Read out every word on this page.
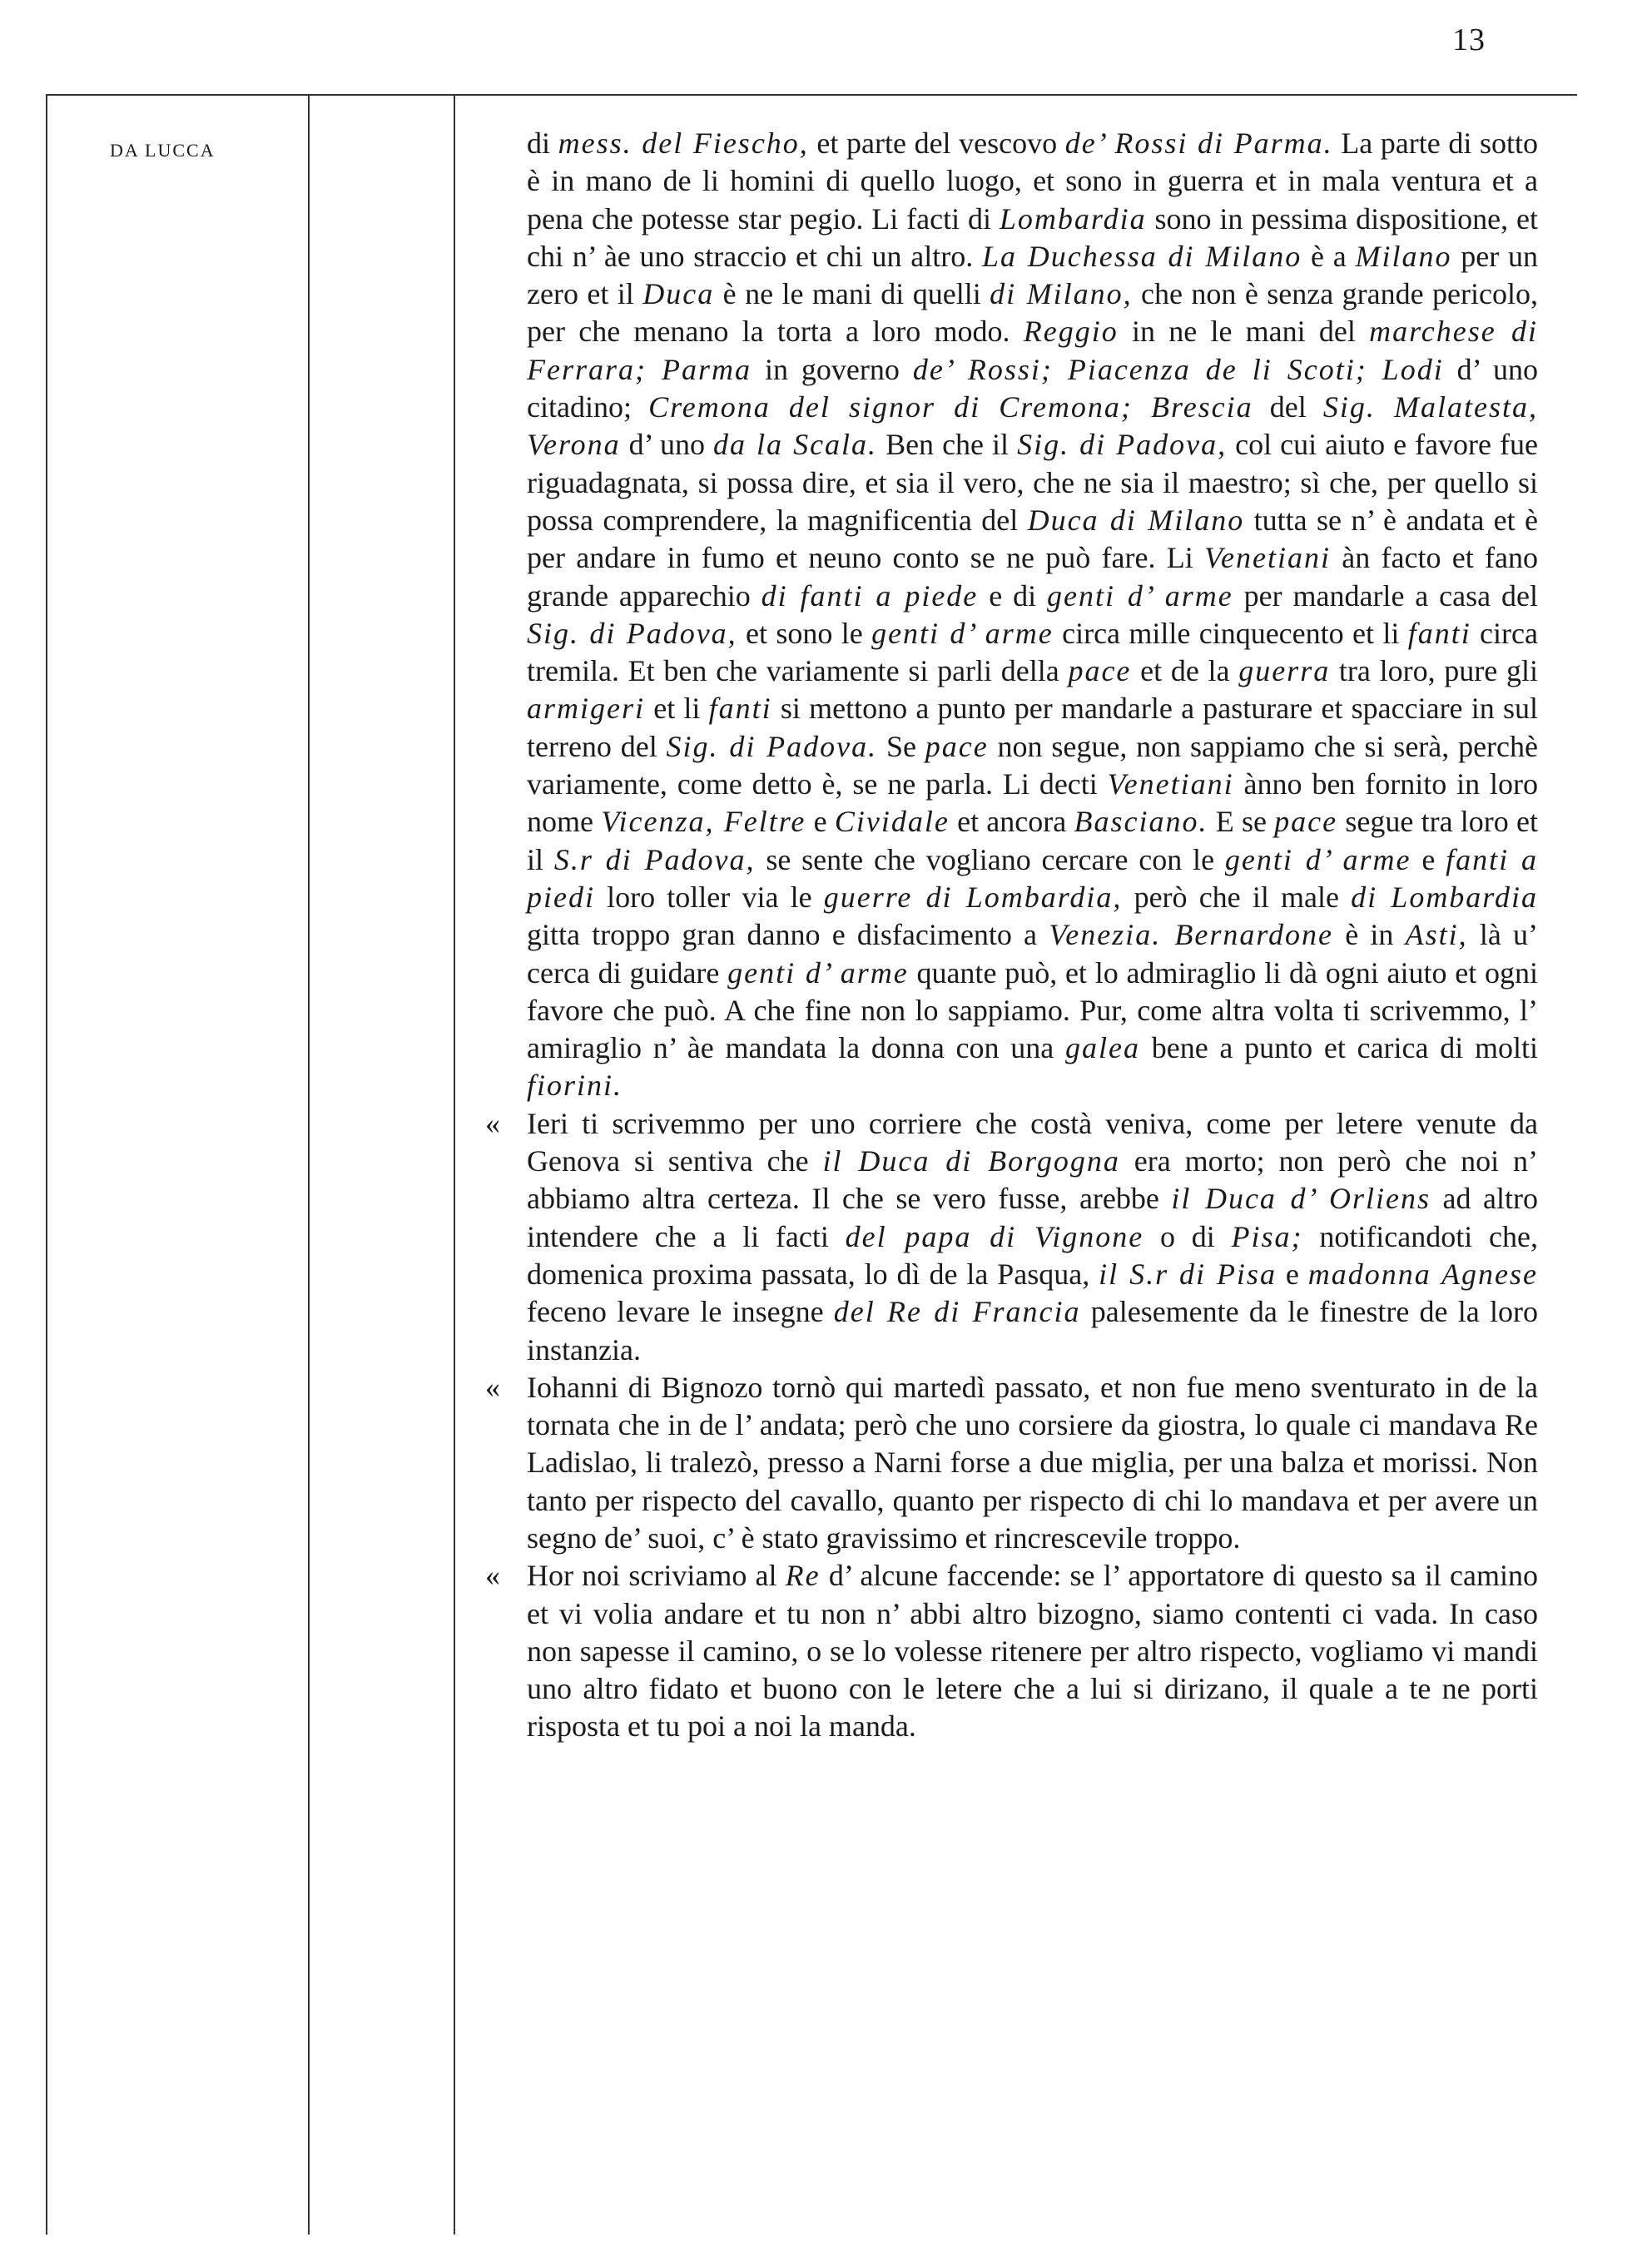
13
DA LUCCA	di mess. del Fiescho, et parte del vescovo de’ Rossi di Parma. La parte di sotto è in mano de li homini di quello luogo, et sono in guerra et in mala ventura et a pena che potesse star pegio. Li facti di Lombardia sono in pessima dispositione, et chi n’ àe uno straccio et chi un altro. La Duchessa di Milano è a Milano per un zero et il Duca è ne le mani di quelli di Milano, che non è senza grande pericolo, per che menano la torta a loro modo. Reggio in ne le mani del marchese di Ferrara; Parma in governo de’ Rossi; Piacenza de li Scoti; Lodi d’ uno citadino; Cremona del signor di Cremona; Brescia del Sig. Malatesta, Verona d’ uno da la Scala. Ben che il Sig. di Padova, col cui aiuto e favore fue riguadagnata, si possa dire, et sia il vero, che ne sia il maestro; sì che, per quello si possa comprendere, la magnificentia del Duca di Milano tutta se n’ è andata et è per andare in fumo et neuno conto se ne può fare. Li Venetiani àn facto et fano grande apparechio di fanti a piede e di genti d’ arme per mandarle a casa del Sig. di Padova, et sono le genti d’ arme circa mille cinquecento et li fanti circa tremila. Et ben che variamente si parli della pace et de la guerra tra loro, pure gli armigeri et li fanti si mettono a punto per mandarle a pasturare et spacciare in sul terreno del Sig. di Padova. Se pace non segue, non sappiamo che si serà, perchè variamente, come detto è, se ne parla. Li decti Venetiani ànno ben fornito in loro nome Vicenza, Feltre e Cividale et ancora Basciano. E se pace segue tra loro et il S.r di Padova, se sente che vogliano cercare con le genti d’ arme e fanti a piedi loro toller via le guerre di Lombardia, però che il male di Lombardia gitta troppo gran danno e disfacimento a Venezia. Bernardone è in Asti, là u’ cerca di guidare genti d’ arme quante può, et lo admiraglio li dà ogni aiuto et ogni favore che può. A che fine non lo sappiamo. Pur, come altra volta ti scrivemmo, l’ amiraglio n’ àe mandata la donna con una galea bene a punto et carica di molti fiorini.

« Ieri ti scrivemmo per uno corriere che costà veniva, come per letere venute da Genova si sentiva che il Duca di Borgogna era morto; non però che noi n’ abbiamo altra certeza. Il che se vero fusse, arebbe il Duca d’ Orliens ad altro intendere che a li facti del papa di Vignone o di Pisa; notificandoti che, domenica proxima passata, lo dì de la Pasqua, il S.r di Pisa e madonna Agnese feceno levare le insegne del Re di Francia palesemente da le finestre de la loro instanzia.

« Iohanni di Bignozo tornò qui martedì passato, et non fue meno sventurato in de la tornata che in de l’ andata; però che uno corsiere da giostra, lo quale ci mandava Re Ladislao, li tralezò, presso a Narni forse a due miglia, per una balza et morissi. Non tanto per rispecto del cavallo, quanto per rispecto di chi lo mandava et per avere un segno de’ suoi, c’ è stato gravissimo et rincrescevile troppo.

« Hor noi scriviamo al Re d’ alcune faccende: se l’ apportatore di questo sa il camino et vi volia andare et tu non n’ abbi altro bizogno, siamo contenti ci vada. In caso non sapesse il camino, o se lo volesse ritenere per altro rispecto, vogliamo vi mandi uno altro fidato et buono con le letere che a lui si dirizano, il quale a te ne porti risposta et tu poi a noi la manda.
